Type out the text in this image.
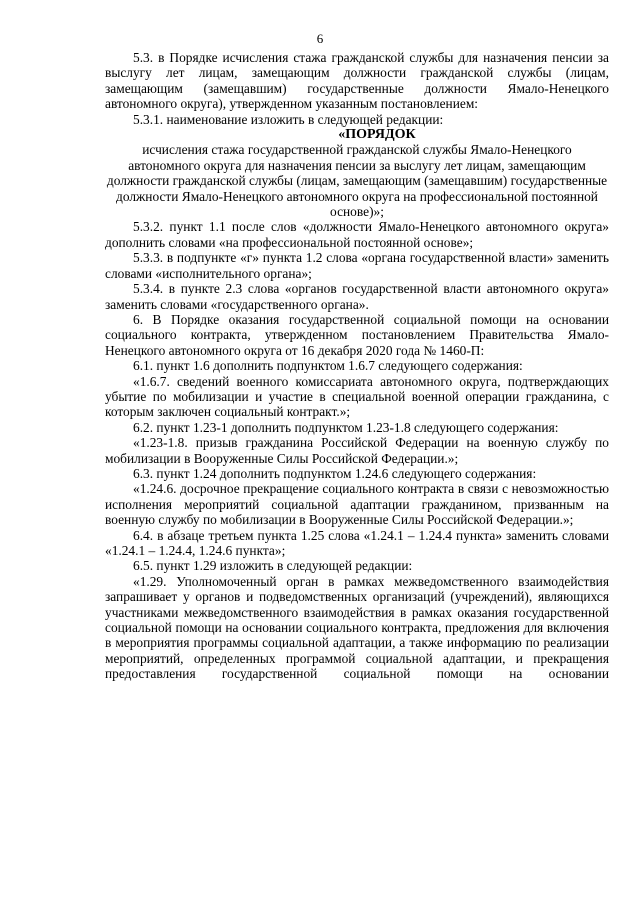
6

5.3. в Порядке исчисления стажа гражданской службы для назначения пенсии за выслугу лет лицам, замещающим должности гражданской службы (лицам, замещающим (замещавшим) государственные должности Ямало-Ненецкого автономного округа), утвержденном указанным постановлением:

5.3.1. наименование изложить в следующей редакции:

«ПОРЯДОК

исчисления стажа государственной гражданской службы Ямало-Ненецкого автономного округа для назначения пенсии за выслугу лет лицам, замещающим должности гражданской службы (лицам, замещающим (замещавшим) государственные должности Ямало-Ненецкого автономного округа на профессиональной постоянной основе)»;

5.3.2. пункт 1.1 после слов «должности Ямало-Ненецкого автономного округа» дополнить словами «на профессиональной постоянной основе»;

5.3.3. в подпункте «г» пункта 1.2 слова «органа государственной власти» заменить словами «исполнительного органа»;

5.3.4. в пункте 2.3 слова «органов государственной власти автономного округа» заменить словами «государственного органа».

6. В Порядке оказания государственной социальной помощи на основании социального контракта, утвержденном постановлением Правительства Ямало-Ненецкого автономного округа от 16 декабря 2020 года № 1460-П:

6.1. пункт 1.6 дополнить подпунктом 1.6.7 следующего содержания:

«1.6.7. сведений военного комиссариата автономного округа, подтверждающих убытие по мобилизации и участие в специальной военной операции гражданина, с которым заключен социальный контракт.»;

6.2. пункт 1.23-1 дополнить подпунктом 1.23-1.8 следующего содержания:

«1.23-1.8. призыв гражданина Российской Федерации на военную службу по мобилизации в Вооруженные Силы Российской Федерации.»;

6.3. пункт 1.24 дополнить подпунктом 1.24.6 следующего содержания:

«1.24.6. досрочное прекращение социального контракта в связи с невозможностью исполнения мероприятий социальной адаптации гражданином, призванным на военную службу по мобилизации в Вооруженные Силы Российской Федерации.»;

6.4. в абзаце третьем пункта 1.25 слова «1.24.1 – 1.24.4 пункта» заменить словами «1.24.1 – 1.24.4, 1.24.6 пункта»;

6.5. пункт 1.29 изложить в следующей редакции:

«1.29. Уполномоченный орган в рамках межведомственного взаимодействия запрашивает у органов и подведомственных организаций (учреждений), являющихся участниками межведомственного взаимодействия в рамках оказания государственной социальной помощи на основании социального контракта, предложения для включения в мероприятия программы социальной адаптации, а также информацию по реализации мероприятий, определенных программой социальной адаптации, и прекращения предоставления государственной социальной помощи на основании
